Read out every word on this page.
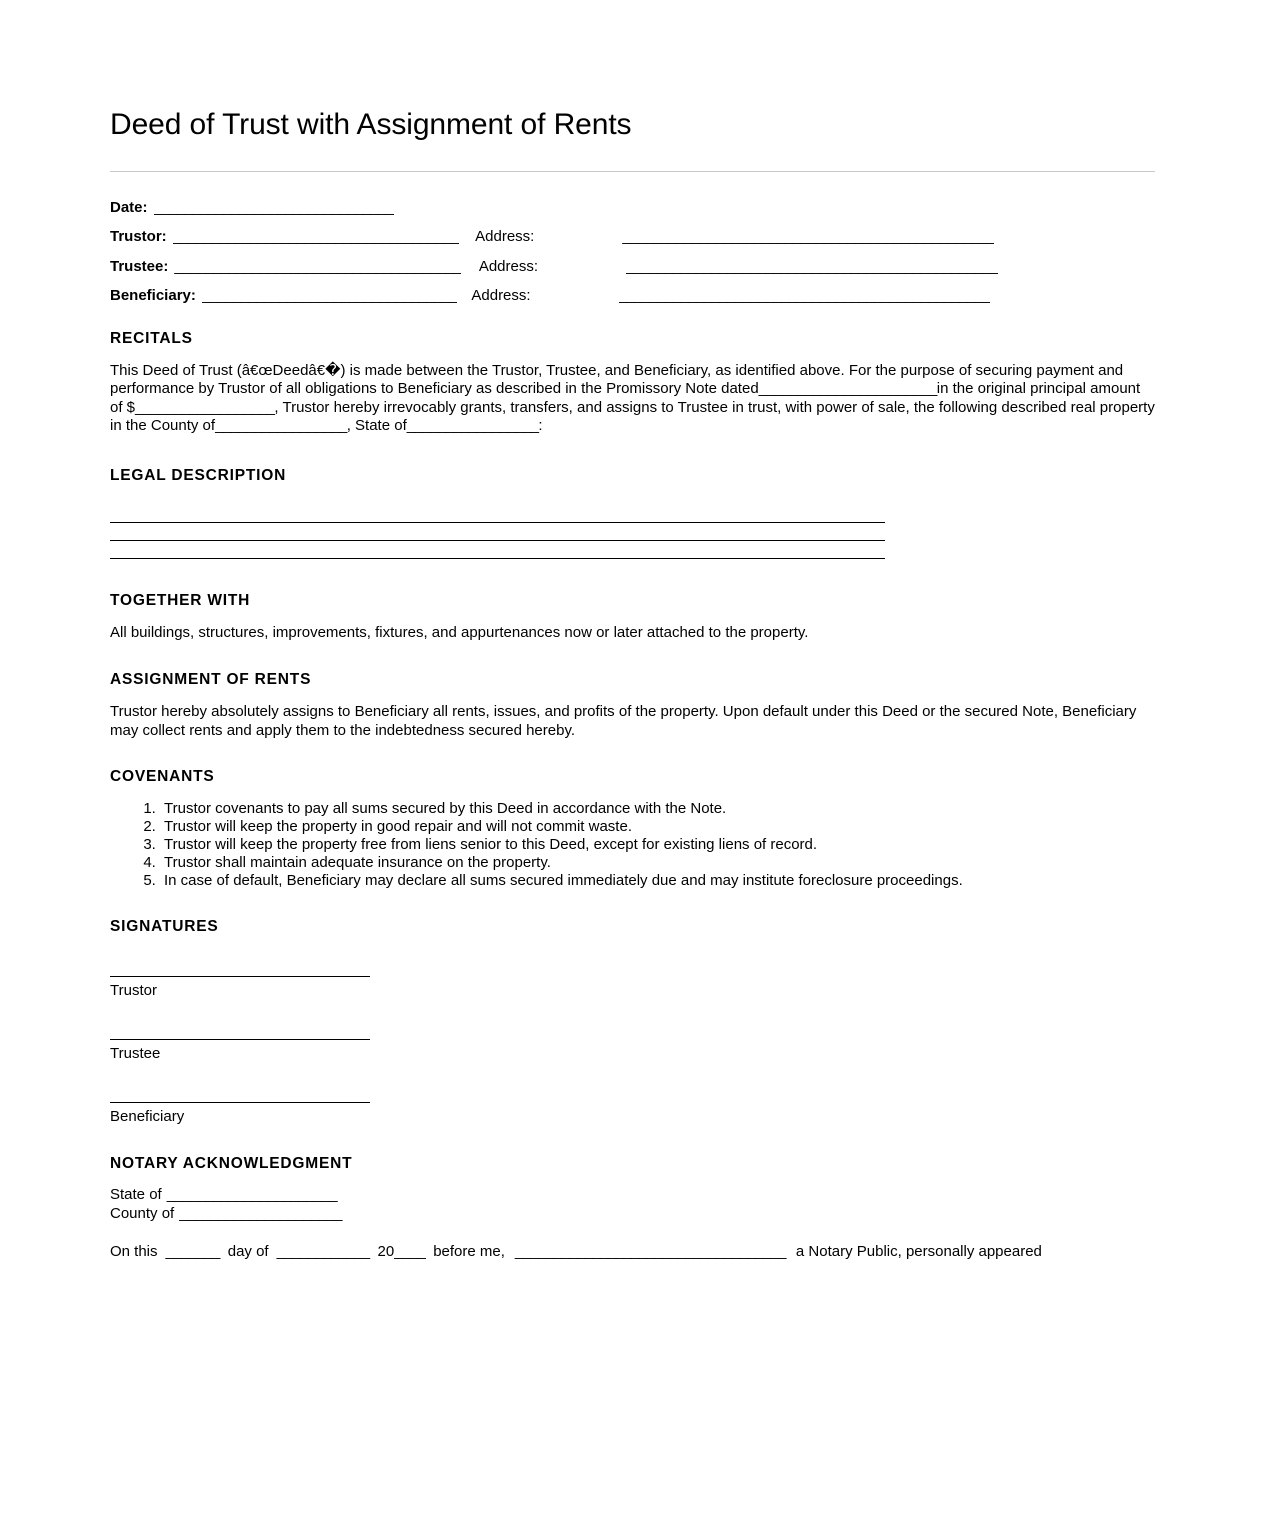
Deed of Trust with Assignment of Rents
Date: _______________________________
Trustor: _____________________________________ Address:	________________________________________________
Trustee: _____________________________________ Address:	________________________________________________
Beneficiary: _________________________________ Address:	________________________________________________
RECITALS

This Deed of Trust (â€œDeedâ€�) is made between the Trustor, Trustee, and Beneficiary, as identified above. For the purpose of securing payment and performance by Trustor of all obligations to Beneficiary as described in the Promissory Note dated_______________________in the original principal amount of $__________________, Trustor hereby irrevocably grants, transfers, and assigns to Trustee in trust, with power of sale, the following described real property in the County of_________________, State of_________________:

LEGAL DESCRIPTION
TOGETHER WITH

All buildings, structures, improvements, fixtures, and appurtenances now or later attached to the property.

ASSIGNMENT OF RENTS

Trustor hereby absolutely assigns to Beneficiary all rents, issues, and profits of the property. Upon default under this Deed or the secured Note, Beneficiary may collect rents and apply them to the indebtedness secured hereby.

COVENANTS
1. Trustor covenants to pay all sums secured by this Deed in accordance with the Note.
2. Trustor will keep the property in good repair and will not commit waste.
3. Trustor will keep the property free from liens senior to this Deed, except for existing liens of record.
4. Trustor shall maintain adequate insurance on the property.
5. In case of default, Beneficiary may declare all sums secured immediately due and may institute foreclosure proceedings.
SIGNATURES
Trustor
Trustee
Beneficiary
NOTARY ACKNOWLEDGMENT
State of ______________________
County of _____________________
On this _______ day of ____________ 20____ before me, ___________________________________ a Notary Public, personally appeared
